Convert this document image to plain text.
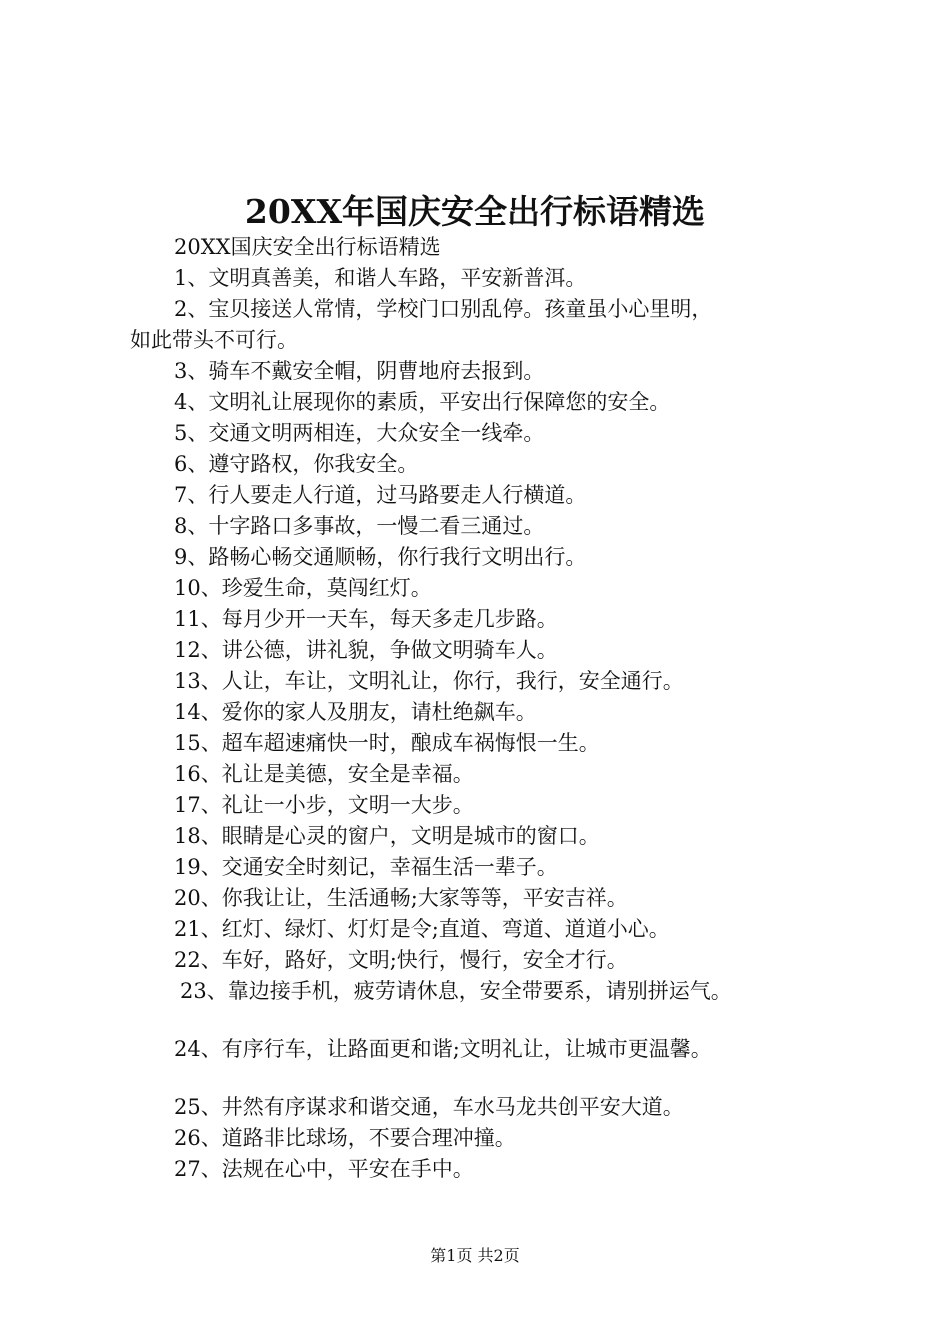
20XX年国庆安全出行标语精选
20XX国庆安全出行标语精选
1、文明真善美，和谐人车路，平安新普洱。
2、宝贝接送人常情，学校门口别乱停。孩童虽小心里明，
如此带头不可行。
3、骑车不戴安全帽，阴曹地府去报到。
4、文明礼让展现你的素质，平安出行保障您的安全。
5、交通文明两相连，大众安全一线牵。
6、遵守路权，你我安全。
7、行人要走人行道，过马路要走人行横道。
8、十字路口多事故，一慢二看三通过。
9、路畅心畅交通顺畅，你行我行文明出行。
10、珍爱生命，莫闯红灯。
11、每月少开一天车，每天多走几步路。
12、讲公德，讲礼貌，争做文明骑车人。
13、人让，车让，文明礼让，你行，我行，安全通行。
14、爱你的家人及朋友，请杜绝飙车。
15、超车超速痛快一时，酿成车祸悔恨一生。
16、礼让是美德，安全是幸福。
17、礼让一小步，文明一大步。
18、眼睛是心灵的窗户，文明是城市的窗口。
19、交通安全时刻记，幸福生活一辈子。
20、你我让让，生活通畅;大家等等，平安吉祥。
21、红灯、绿灯、灯灯是令;直道、弯道、道道小心。
22、车好，路好，文明;快行，慢行，安全才行。
23、靠边接手机，疲劳请休息，安全带要系，请别拼运气。
24、有序行车，让路面更和谐;文明礼让，让城市更温馨。
25、井然有序谋求和谐交通，车水马龙共创平安大道。
26、道路非比球场，不要合理冲撞。
27、法规在心中，平安在手中。
第1页 共2页
